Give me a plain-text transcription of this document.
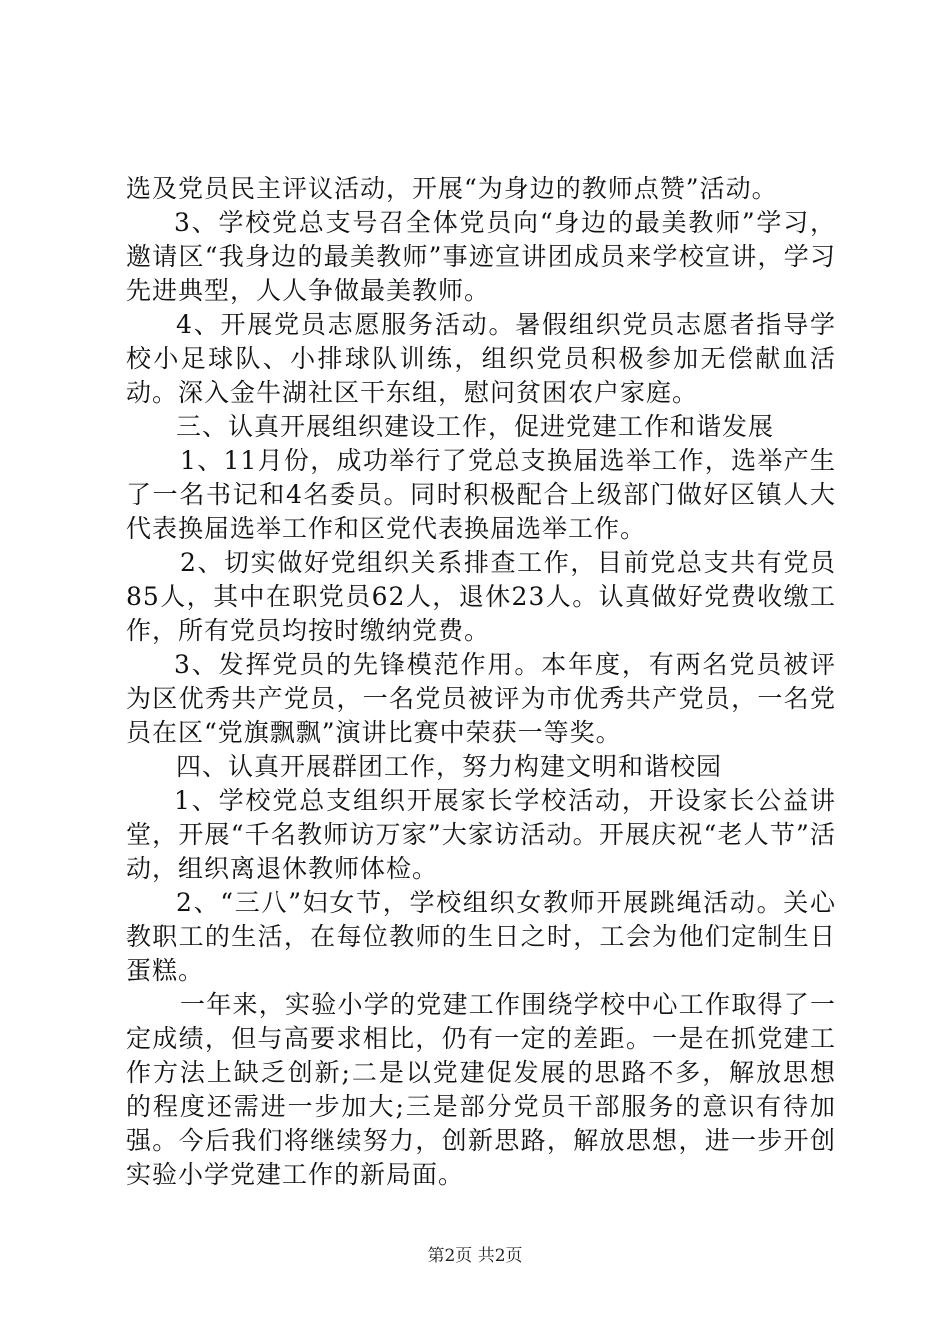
选及党员民主评议活动，开展“为身边的教师点赞”活动。

3、学校党总支号召全体党员向“身边的最美教师”学习，邀请区“我身边的最美教师”事迹宣讲团成员来学校宣讲，学习先进典型，人人争做最美教师。

4、开展党员志愿服务活动。暑假组织党员志愿者指导学校小足球队、小排球队训练，组织党员积极参加无偿献血活动。深入金牛湖社区干东组，慰问贫困农户家庭。

三、认真开展组织建设工作，促进党建工作和谐发展

1、11月份，成功举行了党总支换届选举工作，选举产生了一名书记和4名委员。同时积极配合上级部门做好区镇人大代表换届选举工作和区党代表换届选举工作。

2、切实做好党组织关系排查工作，目前党总支共有党员85人，其中在职党员62人，退休23人。认真做好党费收缴工作，所有党员均按时缴纳党费。

3、发挥党员的先锋模范作用。本年度，有两名党员被评为区优秀共产党员，一名党员被评为市优秀共产党员，一名党员在区“党旗飘飘”演讲比赛中荣获一等奖。

四、认真开展群团工作，努力构建文明和谐校园

1、学校党总支组织开展家长学校活动，开设家长公益讲堂，开展“千名教师访万家”大家访活动。开展庆祝“老人节”活动，组织离退休教师体检。

2、“三八”妇女节，学校组织女教师开展跳绳活动。关心教职工的生活，在每位教师的生日之时，工会为他们定制生日蛋糕。

一年来，实验小学的党建工作围绕学校中心工作取得了一定成绩，但与高要求相比，仍有一定的差距。一是在抓党建工作方法上缺乏创新;二是以党建促发展的思路不多，解放思想的程度还需进一步加大;三是部分党员干部服务的意识有待加强。今后我们将继续努力，创新思路，解放思想，进一步开创实验小学党建工作的新局面。

第2页 共2页
